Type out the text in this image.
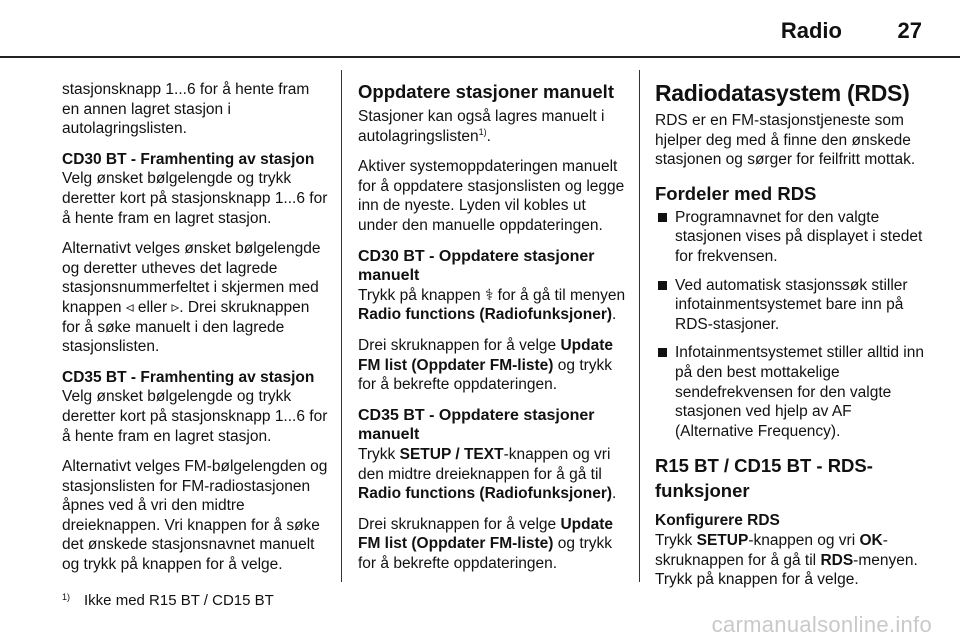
Radio	27

stasjonsknapp 1...6 for å hente fram en annen lagret stasjon i autolagringslisten.

CD30 BT - Framhenting av stasjon

Velg ønsket bølgelengde og trykk deretter kort på stasjonsknapp 1...6 for å hente fram en lagret stasjon.

Alternativt velges ønsket bølgelengde og deretter utheves det lagrede stasjonsnummerfeltet i skjermen med knappen ◃ eller ▹. Drei skruknappen for å søke manuelt i den lagrede stasjonslisten.

CD35 BT - Framhenting av stasjon

Velg ønsket bølgelengde og trykk deretter kort på stasjonsknapp 1...6 for å hente fram en lagret stasjon.

Alternativt velges FM-bølgelengden og stasjonslisten for FM-radiostasjonen åpnes ved å vri den midtre dreieknappen. Vri knappen for å søke det ønskede stasjonsnavnet manuelt og trykk på knappen for å velge.

Oppdatere stasjoner manuelt

Stasjoner kan også lagres manuelt i autolagringslisten$^{1)}$.

Aktiver systemoppdateringen manuelt for å oppdatere stasjonslisten og legge inn de nyeste. Lyden vil kobles ut under den manuelle oppdateringen.

CD30 BT - Oppdatere stasjoner manuelt

Trykk på knappen ⚕ for å gå til menyen Radio functions (Radiofunksjoner).

Drei skruknappen for å velge Update FM list (Oppdater FM-liste) og trykk for å bekrefte oppdateringen.

CD35 BT - Oppdatere stasjoner manuelt

Trykk SETUP / TEXT-knappen og vri den midtre dreieknappen for å gå til Radio functions (Radiofunksjoner).

Drei skruknappen for å velge Update FM list (Oppdater FM-liste) og trykk for å bekrefte oppdateringen.

Radiodatasystem (RDS)

RDS er en FM-stasjonstjeneste som hjelper deg med å finne den ønskede stasjonen og sørger for feilfritt mottak.

Fordeler med RDS
Programnavnet for den valgte stasjonen vises på displayet i stedet for frekvensen.
Ved automatisk stasjonssøk stiller infotainmentsystemet bare inn på RDS-stasjoner.
Infotainmentsystemet stiller alltid inn på den best mottakelige sendefrekvensen for den valgte stasjonen ved hjelp av AF (Alternative Frequency).
R15 BT / CD15 BT - RDS-funksjoner

Konfigurere RDS

Trykk SETUP-knappen og vri OK-skruknappen for å gå til RDS-menyen. Trykk på knappen for å velge.

$^{1)}$ Ikke med R15 BT / CD15 BT
carmanualsonline.info
